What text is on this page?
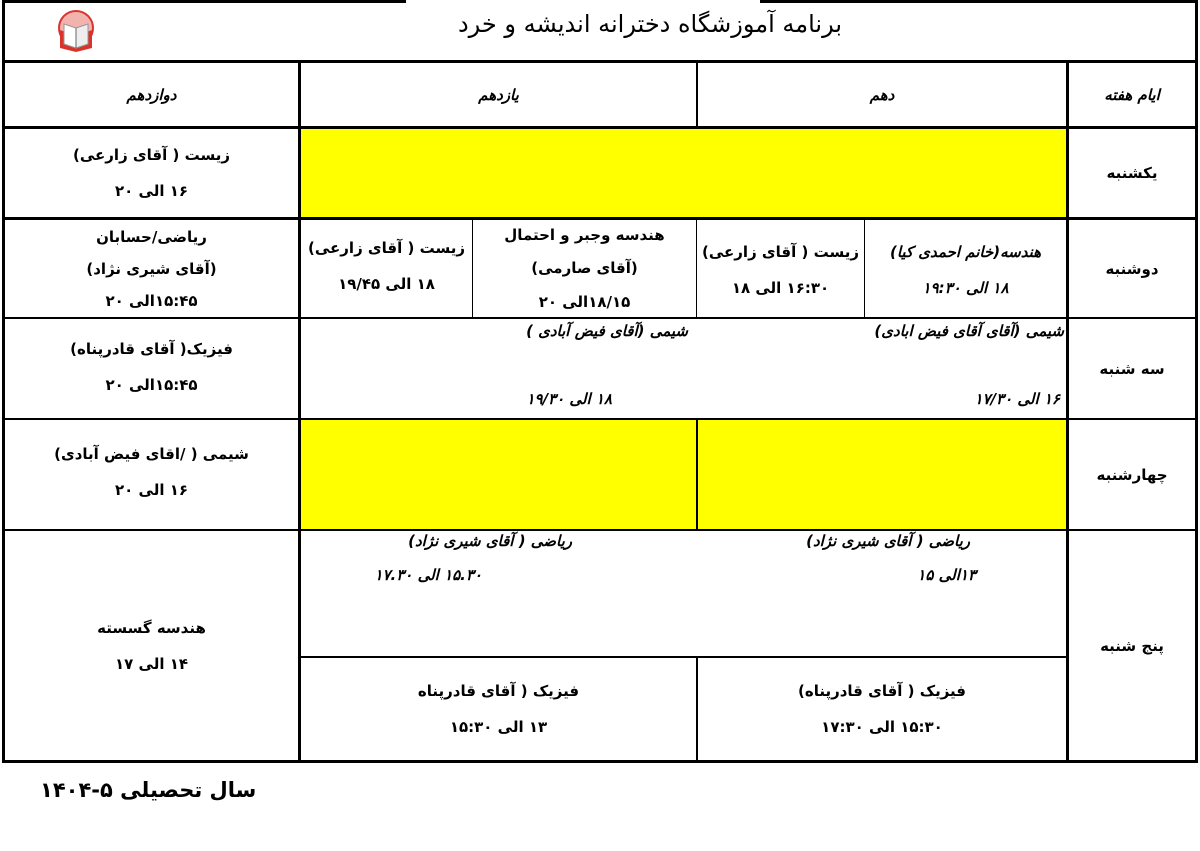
برنامه آموزشگاه دخترانه اندیشه و خرد
ایام هفته
دهم
یازدهم
دوازدهم
یکشنبه
دوشنبه
سه شنبه
چهارشنبه
پنج شنبه
زیست ( آقای زارعی)
۱۶ الی ۲۰
ریاضی/حسابان
(آقای شیری نژاد)
۱۵:۴۵الی ۲۰
زیست ( آقای زارعی)
۱۸ الی ۱۹/۴۵
هندسه وجبر و احتمال
(آقای صارمی)
۱۸/۱۵الی ۲۰
زیست ( آقای زارعی)
۱۶:۳۰ الی ۱۸
هندسه(خانم احمدی کیا)
۱۸ الی ۱۹:۳۰
فیزیک( آقای قادرپناه)
۱۵:۴۵الی ۲۰
شیمی (آقای فیض آبادی )
۱۸ الی ۱۹/۳۰
شیمی (آقای آقای فیض ابادی)
۱۶ الی ۱۷/۳۰
شیمی ( /اقای فیض آبادی)
۱۶ الی ۲۰
هندسه گسسته
۱۴ الی ۱۷
ریاضی ( آقای شیری نژاد)
۱۵.۳۰ الی ۱۷.۳۰
ریاضی ( آقای شیری نژاد)
۱۳الی ۱۵
فیزیک ( آقای قادرپناه
۱۳ الی ۱۵:۳۰
فیزیک ( آقای قادرپناه)
۱۵:۳۰ الی ۱۷:۳۰
سال تحصیلی ۵-۱۴۰۴
